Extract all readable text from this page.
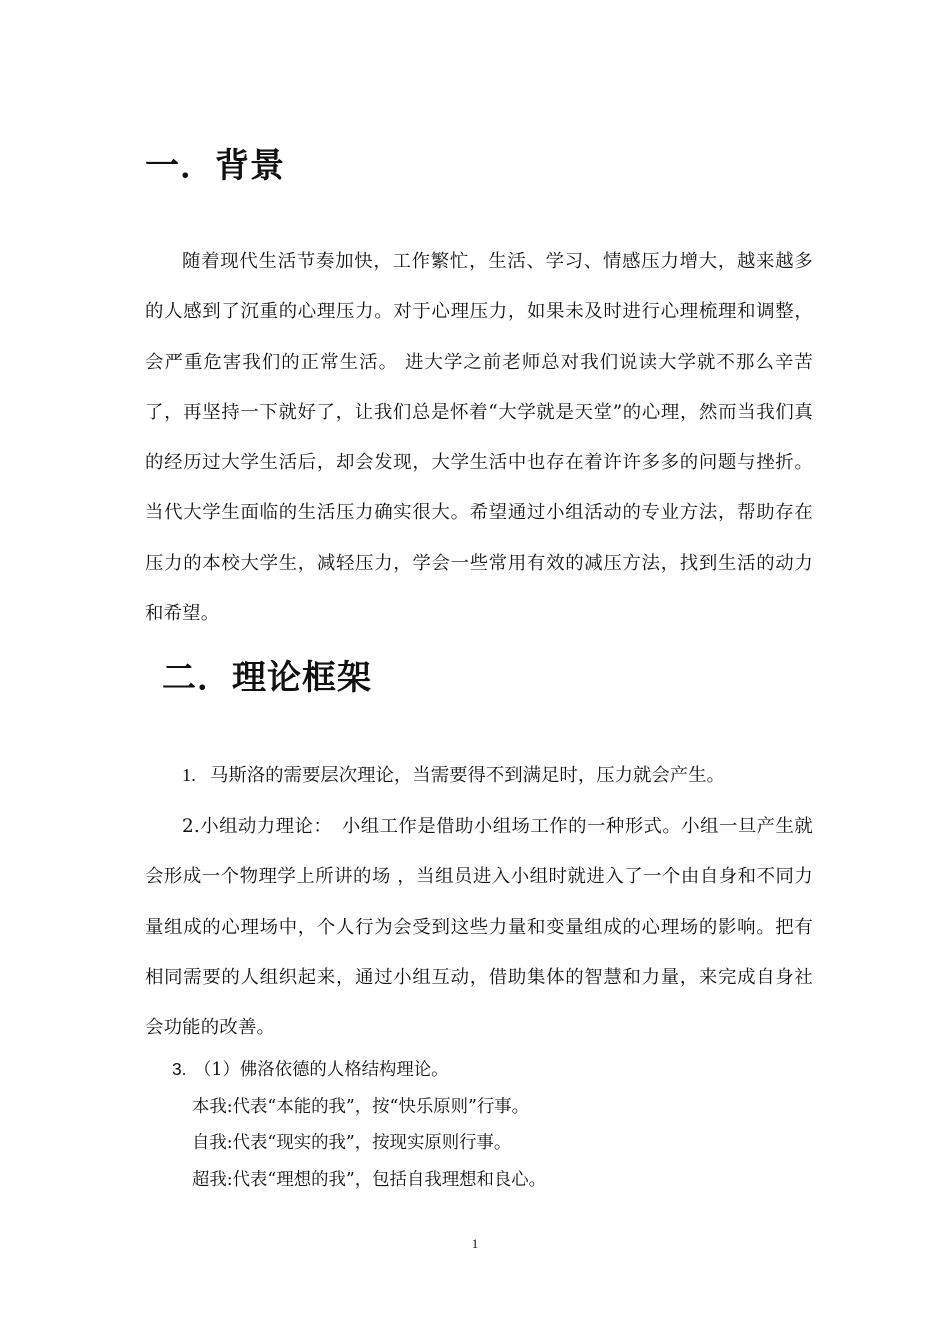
一．背景

随着现代生活节奏加快，工作繁忙，生活、学习、情感压力增大，越来越多的人感到了沉重的心理压力。对于心理压力，如果未及时进行心理梳理和调整，会严重危害我们的正常生活。 进大学之前老师总对我们说读大学就不那么辛苦了，再坚持一下就好了，让我们总是怀着“大学就是天堂”的心理，然而当我们真的经历过大学生活后，却会发现，大学生活中也存在着许许多多的问题与挫折。当代大学生面临的生活压力确实很大。希望通过小组活动的专业方法，帮助存在压力的本校大学生，减轻压力，学会一些常用有效的减压方法，找到生活的动力和希望。

二．理论框架

1. 马斯洛的需要层次理论，当需要得不到满足时，压力就会产生。

2.小组动力理论：　小组工作是借助小组场工作的一种形式。小组一旦产生就会形成一个物理学上所讲的场 ，当组员进入小组时就进入了一个由自身和不同力量组成的心理场中，个人行为会受到这些力量和变量组成的心理场的影响。把有相同需要的人组织起来，通过小组互动，借助集体的智慧和力量，来完成自身社会功能的改善。

3. （1）佛洛依德的人格结构理论。
本我:代表“本能的我”，按“快乐原则”行事。
自我:代表“现实的我”，按现实原则行事。
超我:代表“理想的我”，包括自我理想和良心。
1
